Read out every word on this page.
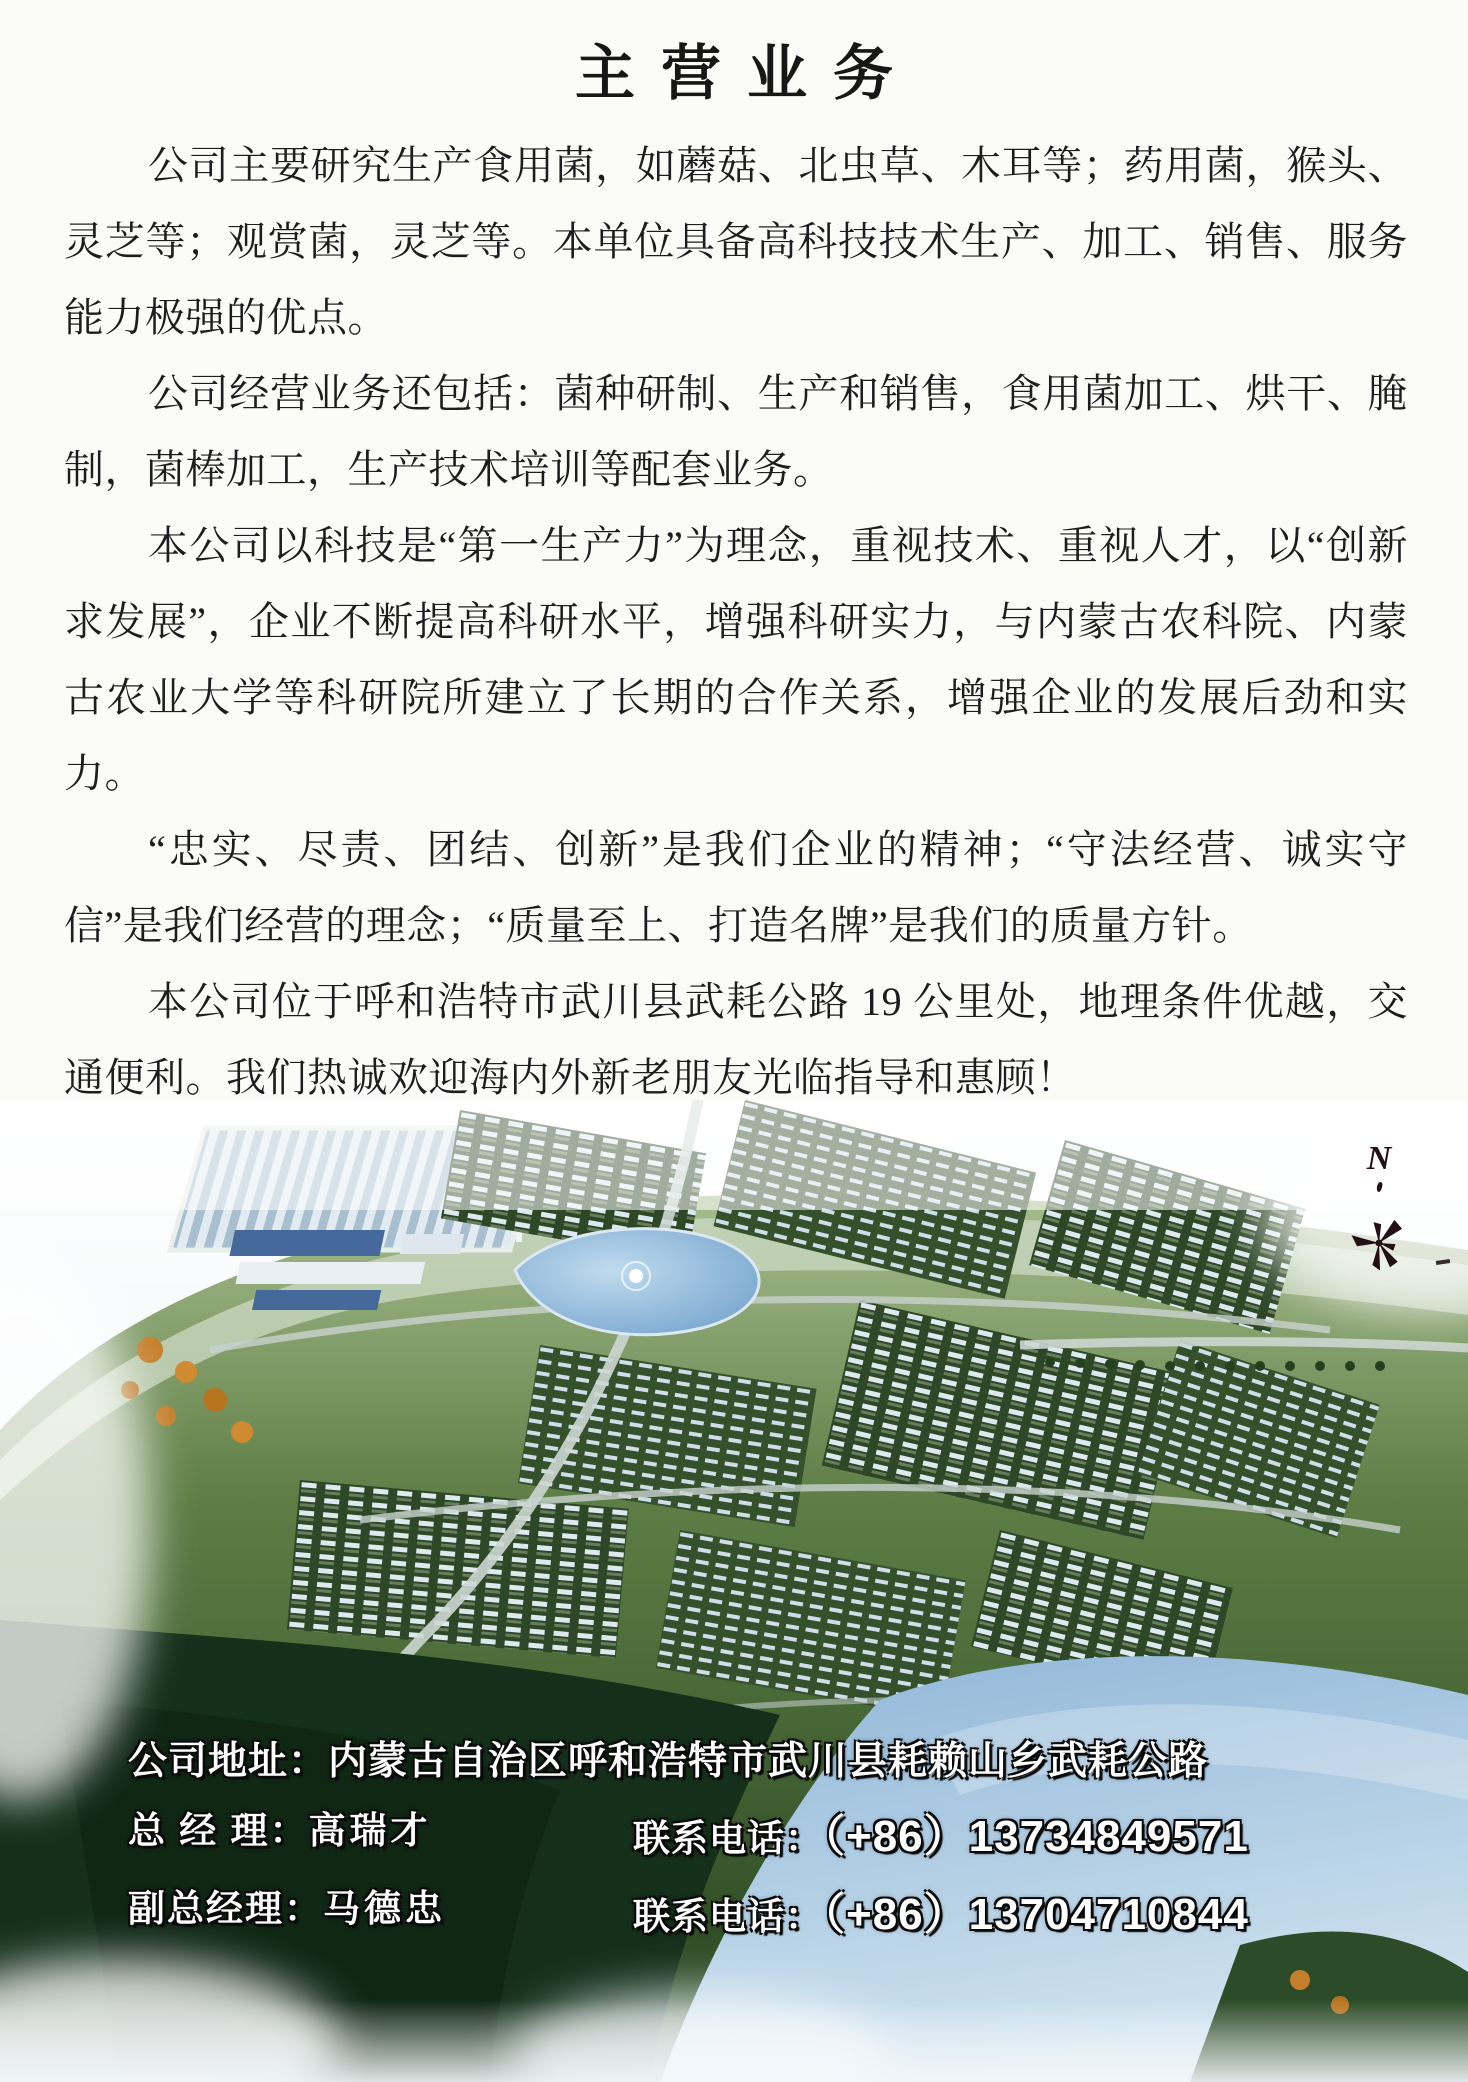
主营业务

公司主要研究生产食用菌，如蘑菇、北虫草、木耳等；药用菌，猴头、灵芝等；观赏菌，灵芝等。本单位具备高科技技术生产、加工、销售、服务能力极强的优点。

公司经营业务还包括：菌种研制、生产和销售，食用菌加工、烘干、腌制，菌棒加工，生产技术培训等配套业务。

本公司以科技是“第一生产力”为理念，重视技术、重视人才，以“创新求发展”，企业不断提高科研水平，增强科研实力，与内蒙古农科院、内蒙古农业大学等科研院所建立了长期的合作关系，增强企业的发展后劲和实力。

“忠实、尽责、团结、创新”是我们企业的精神；“守法经营、诚实守信”是我们经营的理念；“质量至上、打造名牌”是我们的质量方针。

本公司位于呼和浩特市武川县武耗公路 19 公里处，地理条件优越，交通便利。我们热诚欢迎海内外新老朋友光临指导和惠顾！

N
公司地址：内蒙古自治区呼和浩特市武川县耗赖山乡武耗公路
总 经 理：高瑞才	联系电话：（+86）13734849571
副总经理：马德忠	联系电话：（+86）13704710844
